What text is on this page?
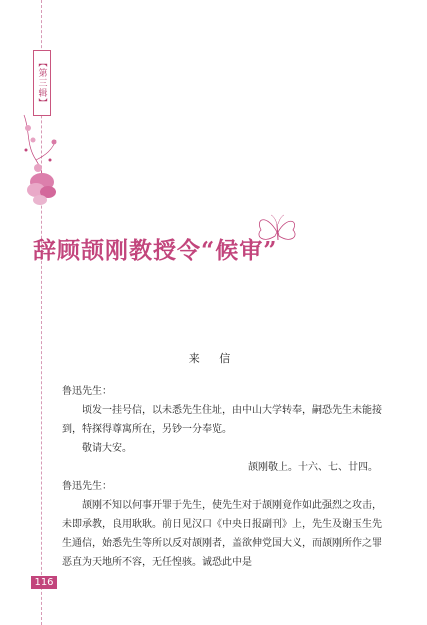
【第三辑】
辞顾颉刚教授令“候审”
来 信

鲁迅先生：

顷发一挂号信，以未悉先生住址，由中山大学转奉，嗣恐先生未能接到，特探得尊寓所在，另钞一分奉览。

敬请大安。

颉刚敬上。十六、七、廿四。

鲁迅先生：

颉刚不知以何事开罪于先生，使先生对于颉刚竟作如此强烈之攻击，未即承教，良用耿耿。前日见汉口《中央日报副刊》上，先生及谢玉生先生通信，始悉先生等所以反对颉刚者，盖欲伸党国大义，而颉刚所作之罪恶直为天地所不容，无任惶骇。诚恐此中是

116
